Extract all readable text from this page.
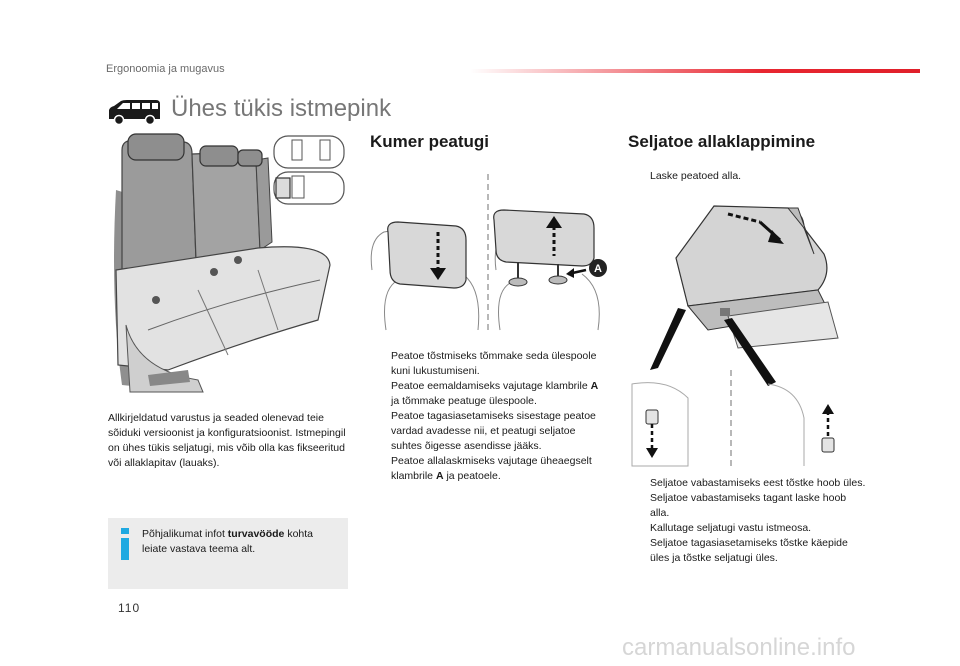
Ergonoomia ja mugavus
Ühes tükis istmepink
Kumer peatugi
A
Peatoe tõstmiseks tõmmake seda ülespoole kuni lukustumiseni.
Peatoe eemaldamiseks vajutage klambrile A ja tõmmake peatuge ülespoole.
Peatoe tagasiasetamiseks sisestage peatoe vardad avadesse nii, et peatugi seljatoe suhtes õigesse asendisse jääks.
Peatoe allalaskmiseks vajutage üheaegselt klambrile A ja peatoele.
Seljatoe allaklappimine
Laske peatoed alla.
Seljatoe vabastamiseks eest tõstke hoob üles.
Seljatoe vabastamiseks tagant laske hoob alla.
Kallutage seljatugi vastu istmeosa.
Seljatoe tagasiasetamiseks tõstke käepide üles ja tõstke seljatugi üles.

Allkirjeldatud varustus ja seaded olenevad teie sõiduki versioonist ja konfiguratsioonist. Istmepingil on ühes tükis seljatugi, mis võib olla kas fikseeritud või allaklapitav (lauaks).

Põhjalikumat infot turvavööde kohta leiate vastava teema alt.

110
carmanualsonline.info
